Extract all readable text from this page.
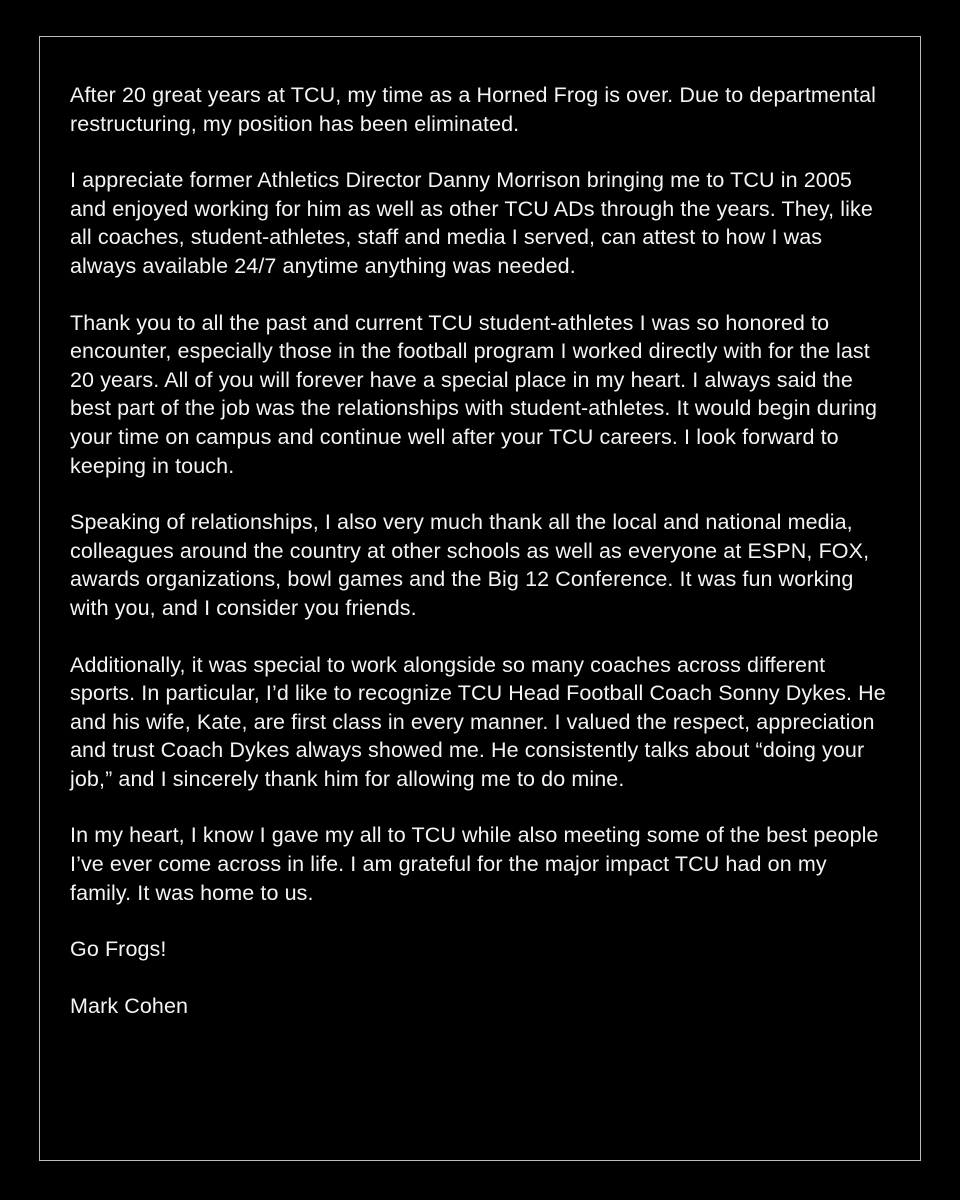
After 20 great years at TCU, my time as a Horned Frog is over. Due to departmental restructuring, my position has been eliminated.

I appreciate former Athletics Director Danny Morrison bringing me to TCU in 2005 and enjoyed working for him as well as other TCU ADs through the years. They, like all coaches, student-athletes, staff and media I served, can attest to how I was always available 24/7 anytime anything was needed.

Thank you to all the past and current TCU student-athletes I was so honored to encounter, especially those in the football program I worked directly with for the last 20 years. All of you will forever have a special place in my heart. I always said the best part of the job was the relationships with student-athletes. It would begin during your time on campus and continue well after your TCU careers. I look forward to keeping in touch.

Speaking of relationships, I also very much thank all the local and national media, colleagues around the country at other schools as well as everyone at ESPN, FOX, awards organizations, bowl games and the Big 12 Conference. It was fun working with you, and I consider you friends.

Additionally, it was special to work alongside so many coaches across different sports. In particular, I’d like to recognize TCU Head Football Coach Sonny Dykes. He and his wife, Kate, are first class in every manner. I valued the respect, appreciation and trust Coach Dykes always showed me. He consistently talks about “doing your job,” and I sincerely thank him for allowing me to do mine.

In my heart, I know I gave my all to TCU while also meeting some of the best people I’ve ever come across in life. I am grateful for the major impact TCU had on my family. It was home to us.

Go Frogs!

Mark Cohen
